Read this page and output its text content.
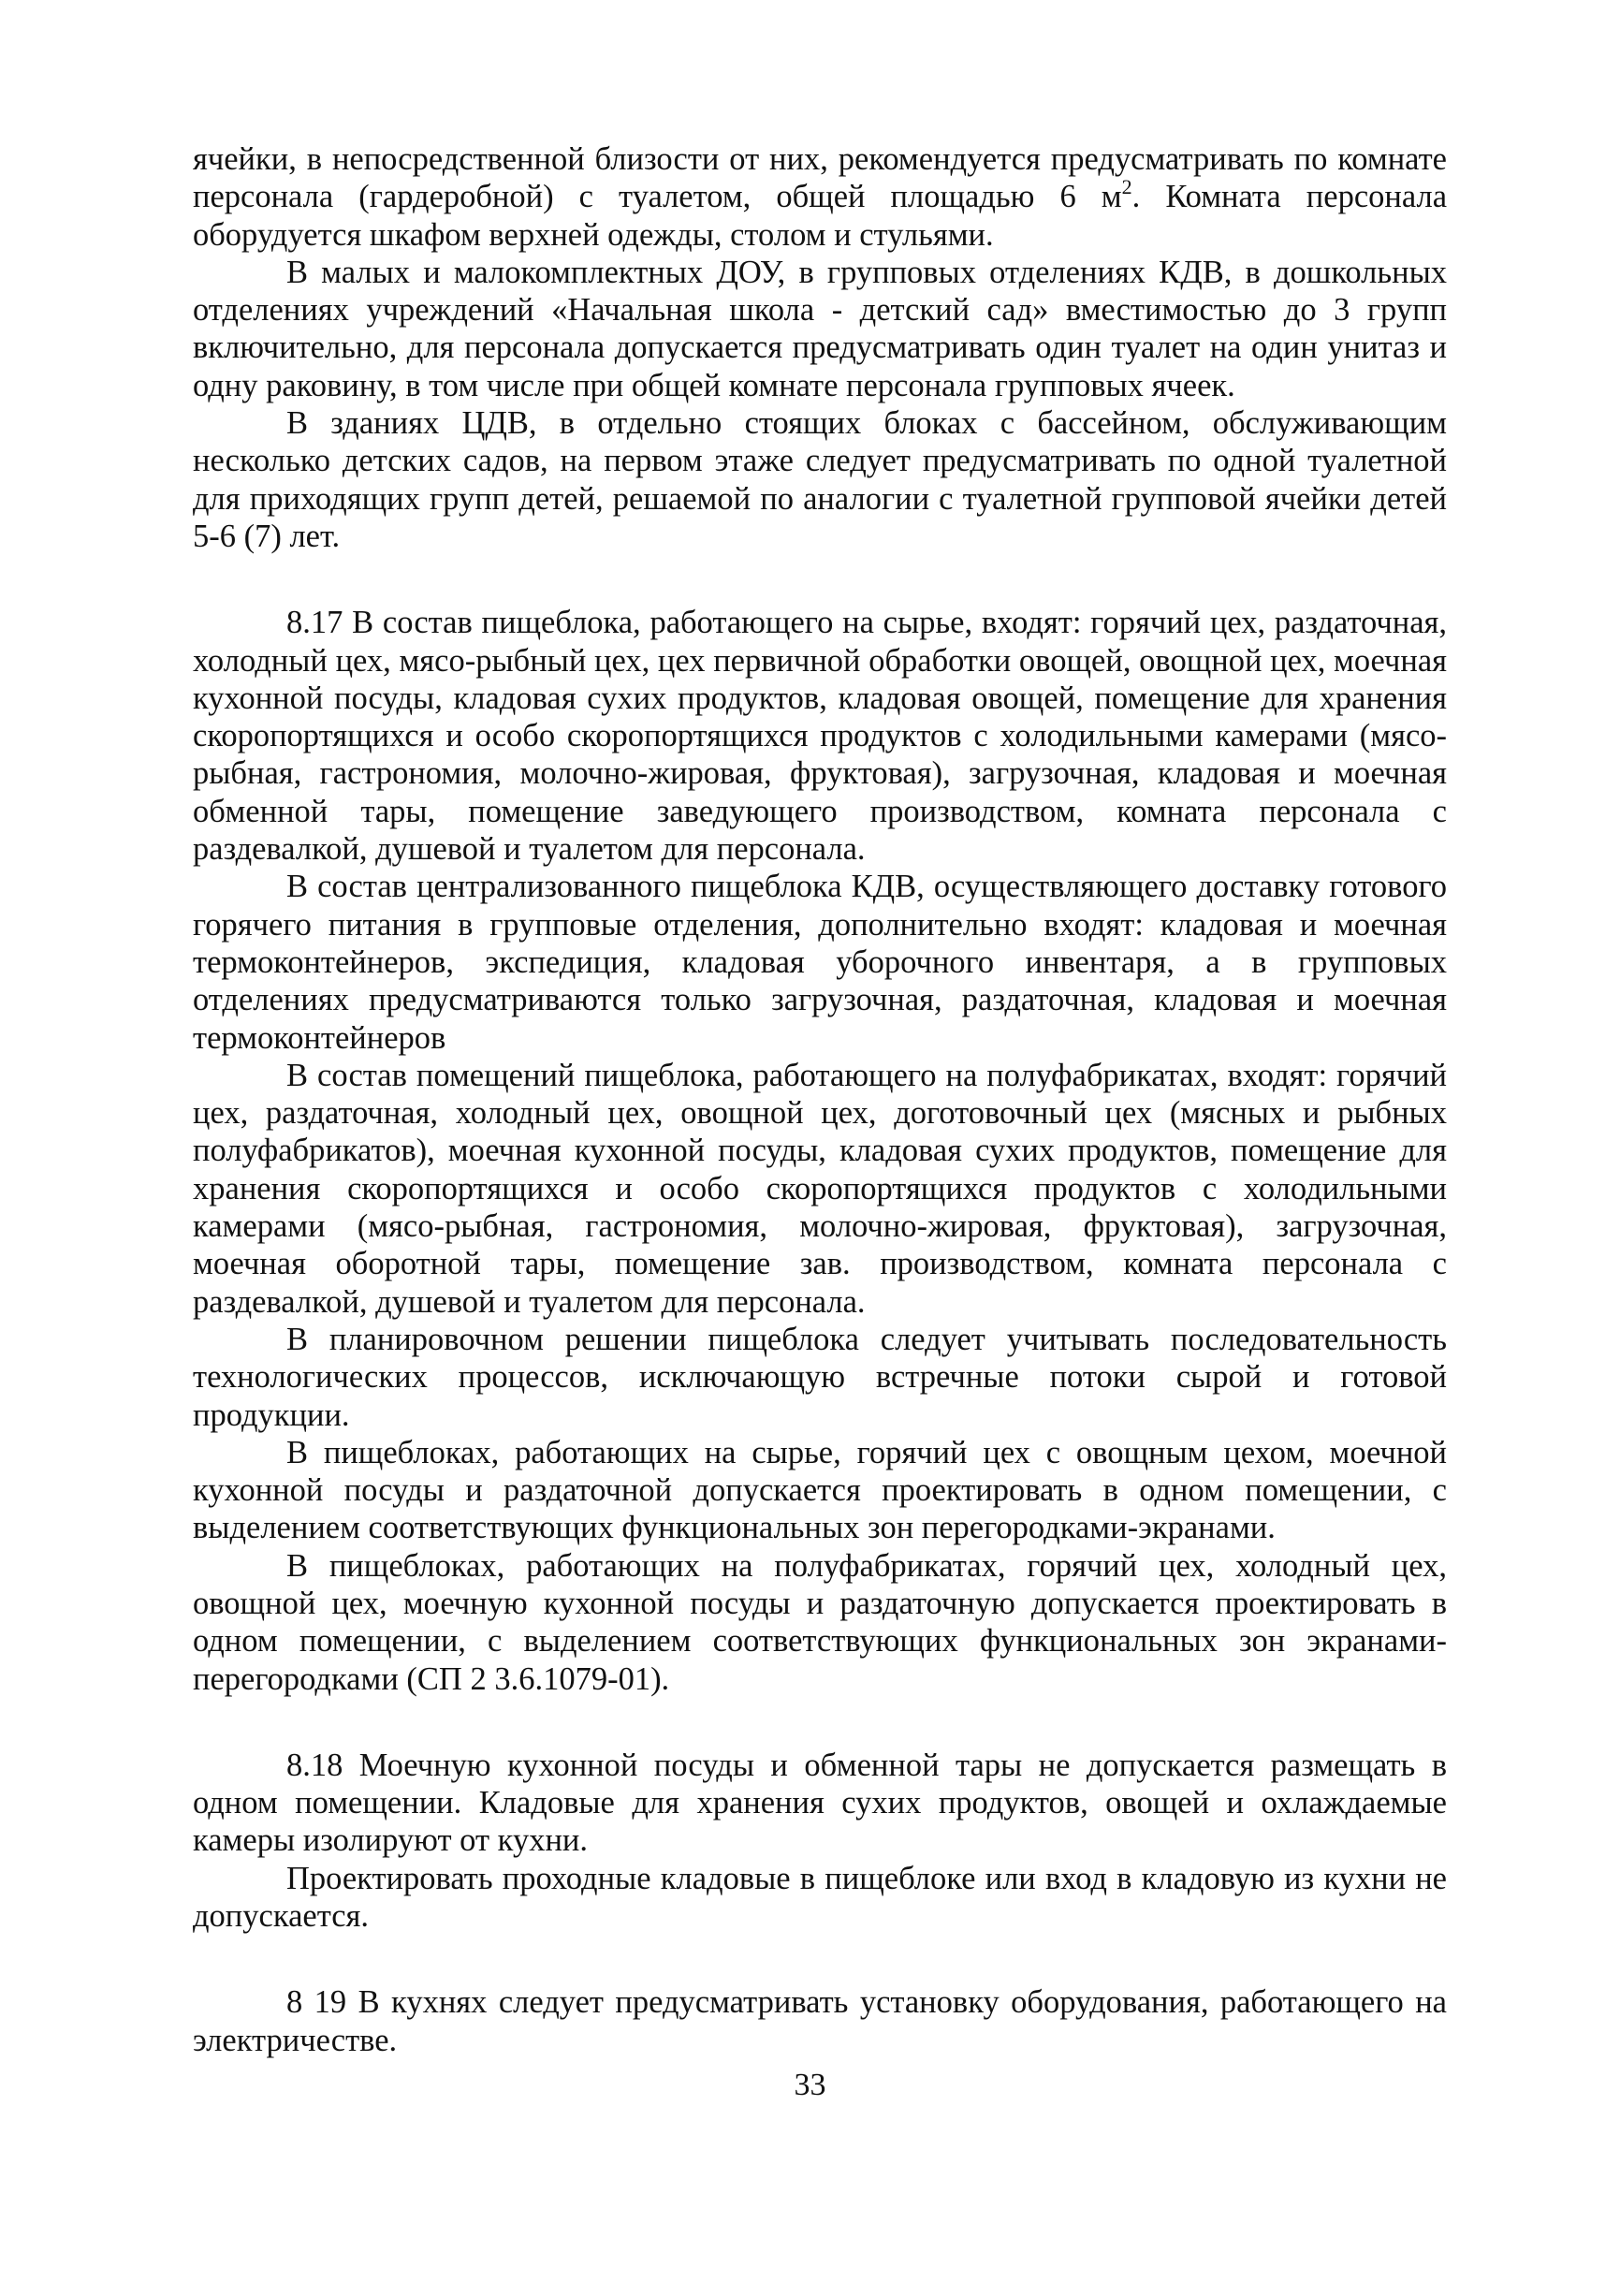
ячейки, в непосредственной близости от них, рекомендуется предусматривать по комнате персонала (гардеробной) с туалетом, общей площадью 6 $м^2$. Комната персонала оборудуется шкафом верхней одежды, столом и стульями.

В малых и малокомплектных ДОУ, в групповых отделениях КДВ, в дошкольных отделениях учреждений «Начальная школа - детский сад» вместимостью до 3 групп включительно, для персонала допускается предусматривать один туалет на один унитаз и одну раковину, в том числе при общей комнате персонала групповых ячеек.

В зданиях ЦДВ, в отдельно стоящих блоках с бассейном, обслуживающим несколько детских садов, на первом этаже следует предусматривать по одной туалетной для приходящих групп детей, решаемой по аналогии с туалетной групповой ячейки детей 5-6 (7) лет.

8.17 В состав пищеблока, работающего на сырье, входят: горячий цех, раздаточная, холодный цех, мясо-рыбный цех, цех первичной обработки овощей, овощной цех, моечная кухонной посуды, кладовая сухих продуктов, кладовая овощей, помещение для хранения скоропортящихся и особо скоропортящихся продуктов с холодильными камерами (мясо-рыбная, гастрономия, молочно-жировая, фруктовая), загрузочная, кладовая и моечная обменной тары, помещение заведующего производством, комната персонала с раздевалкой, душевой и туалетом для персонала.

В состав централизованного пищеблока КДВ, осуществляющего доставку готового горячего питания в групповые отделения, дополнительно входят: кладовая и моечная термоконтейнеров, экспедиция, кладовая уборочного инвентаря, а в групповых отделениях предусматриваются только загрузочная, раздаточная, кладовая и моечная термоконтейнеров

В состав помещений пищеблока, работающего на полуфабрикатах, входят: горячий цех, раздаточная, холодный цех, овощной цех, доготовочный цех (мясных и рыбных полуфабрикатов), моечная кухонной посуды, кладовая сухих продуктов, помещение для хранения скоропортящихся и особо скоропортящихся продуктов с холодильными камерами (мясо-рыбная, гастрономия, молочно-жировая, фруктовая), загрузочная, моечная оборотной тары, помещение зав. производством, комната персонала с раздевалкой, душевой и туалетом для персонала.

В планировочном решении пищеблока следует учитывать последовательность технологических процессов, исключающую встречные потоки сырой и готовой продукции.

В пищеблоках, работающих на сырье, горячий цех с овощным цехом, моечной кухонной посуды и раздаточной допускается проектировать в одном помещении, с выделением соответствующих функциональных зон перегородками-экранами.

В пищеблоках, работающих на полуфабрикатах, горячий цех, холодный цех, овощной цех, моечную кухонной посуды и раздаточную допускается проектировать в одном помещении, с выделением соответствующих функциональных зон экранами-перегородками (СП 2 3.6.1079-01).

8.18 Моечную кухонной посуды и обменной тары не допускается размещать в одном помещении. Кладовые для хранения сухих продуктов, овощей и охлаждаемые камеры изолируют от кухни.

Проектировать проходные кладовые в пищеблоке или вход в кладовую из кухни не допускается.

8 19 В кухнях следует предусматривать установку оборудования, работающего на электричестве.

33
